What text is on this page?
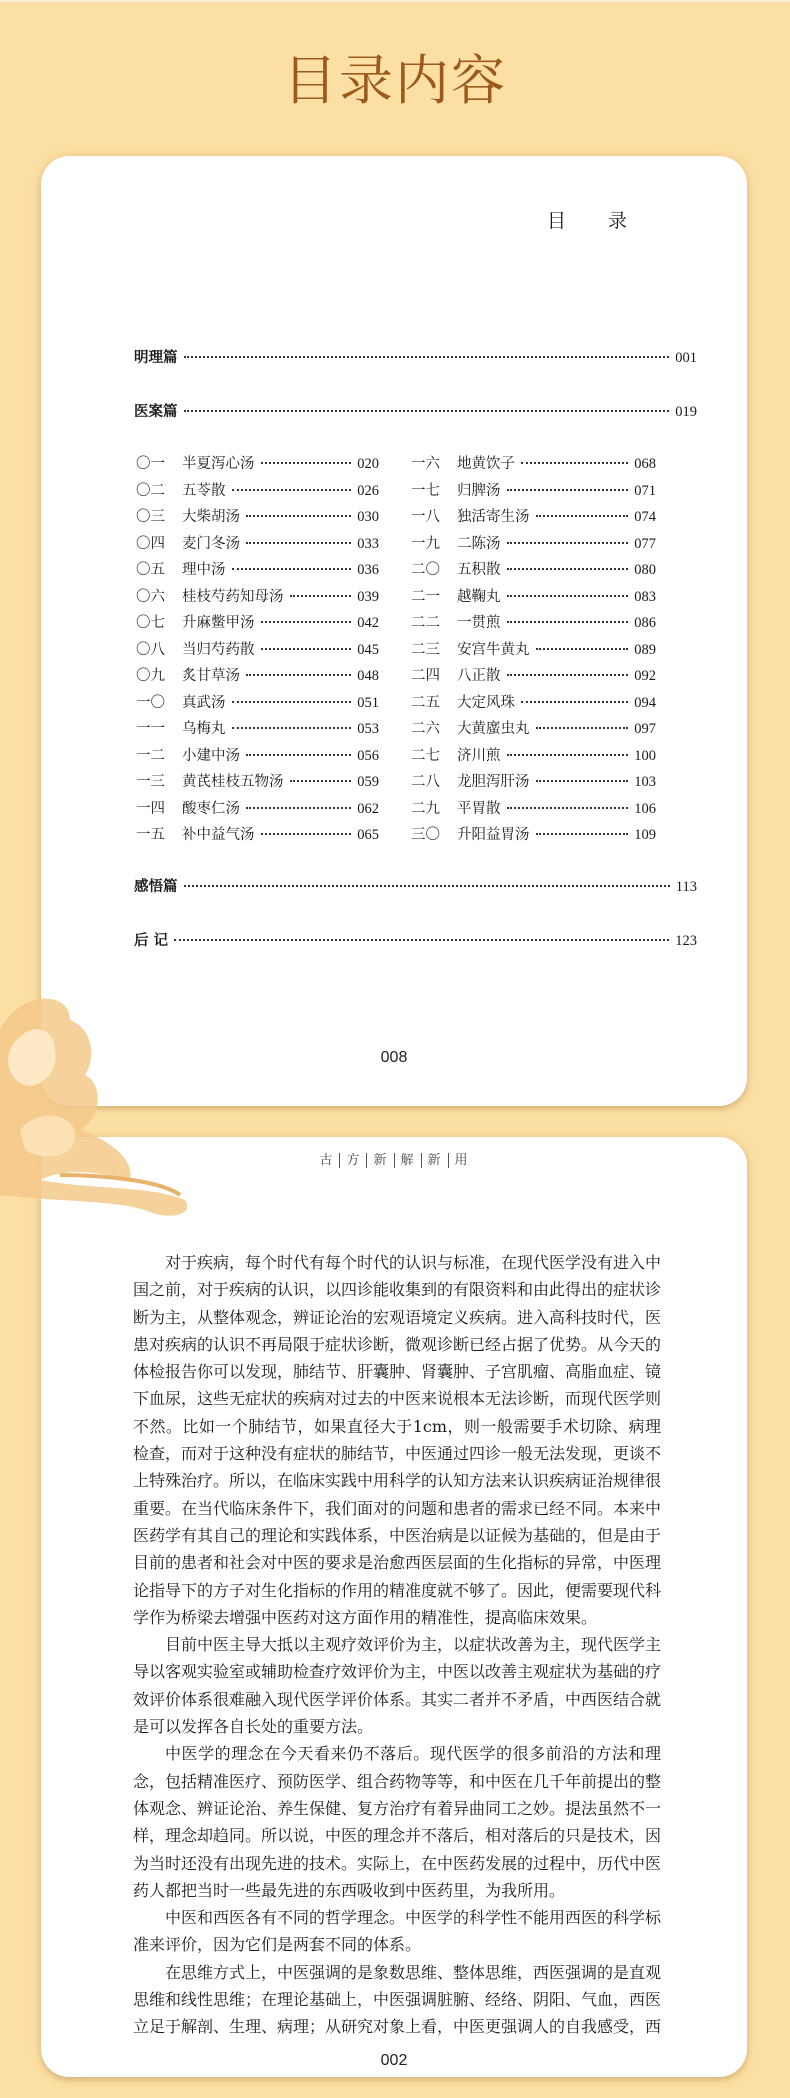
目录内容
目 录
明理篇	001
医案篇	019
〇一	半夏泻心汤	020
〇二	五苓散	026
〇三	大柴胡汤	030
〇四	麦门冬汤	033
〇五	理中汤	036
〇六	桂枝芍药知母汤	039
〇七	升麻鳖甲汤	042
〇八	当归芍药散	045
〇九	炙甘草汤	048
一〇	真武汤	051
一一	乌梅丸	053
一二	小建中汤	056
一三	黄芪桂枝五物汤	059
一四	酸枣仁汤	062
一五	补中益气汤	065
一六	地黄饮子	068
一七	归脾汤	071
一八	独活寄生汤	074
一九	二陈汤	077
二〇	五积散	080
二一	越鞠丸	083
二二	一贯煎	086
二三	安宫牛黄丸	089
二四	八正散	092
二五	大定风珠	094
二六	大黄䗪虫丸	097
二七	济川煎	100
二八	龙胆泻肝汤	103
二九	平胃散	106
三〇	升阳益胃汤	109
感悟篇	113
后 记	123
008
古 方 新 解 新 用

对于疾病，每个时代有每个时代的认识与标准，在现代医学没有进入中国之前，对于疾病的认识，以四诊能收集到的有限资料和由此得出的症状诊断为主，从整体观念，辨证论治的宏观语境定义疾病。进入高科技时代，医患对疾病的认识不再局限于症状诊断，微观诊断已经占据了优势。从今天的体检报告你可以发现，肺结节、肝囊肿、肾囊肿、子宫肌瘤、高脂血症、镜下血尿，这些无症状的疾病对过去的中医来说根本无法诊断，而现代医学则不然。比如一个肺结节，如果直径大于1cm，则一般需要手术切除、病理检查，而对于这种没有症状的肺结节，中医通过四诊一般无法发现，更谈不上特殊治疗。所以，在临床实践中用科学的认知方法来认识疾病证治规律很重要。在当代临床条件下，我们面对的问题和患者的需求已经不同。本来中医药学有其自己的理论和实践体系，中医治病是以证候为基础的，但是由于目前的患者和社会对中医的要求是治愈西医层面的生化指标的异常，中医理论指导下的方子对生化指标的作用的精准度就不够了。因此，便需要现代科学作为桥梁去增强中医药对这方面作用的精准性，提高临床效果。

目前中医主导大抵以主观疗效评价为主，以症状改善为主，现代医学主导以客观实验室或辅助检查疗效评价为主，中医以改善主观症状为基础的疗效评价体系很难融入现代医学评价体系。其实二者并不矛盾，中西医结合就是可以发挥各自长处的重要方法。

中医学的理念在今天看来仍不落后。现代医学的很多前沿的方法和理念，包括精准医疗、预防医学、组合药物等等，和中医在几千年前提出的整体观念、辨证论治、养生保健、复方治疗有着异曲同工之妙。提法虽然不一样，理念却趋同。所以说，中医的理念并不落后，相对落后的只是技术，因为当时还没有出现先进的技术。实际上，在中医药发展的过程中，历代中医药人都把当时一些最先进的东西吸收到中医药里，为我所用。

中医和西医各有不同的哲学理念。中医学的科学性不能用西医的科学标准来评价，因为它们是两套不同的体系。

在思维方式上，中医强调的是象数思维、整体思维，西医强调的是直观思维和线性思维；在理论基础上，中医强调脏腑、经络、阴阳、气血，西医立足于解剖、生理、病理；从研究对象上看，中医更强调人的自我感受，西

002
